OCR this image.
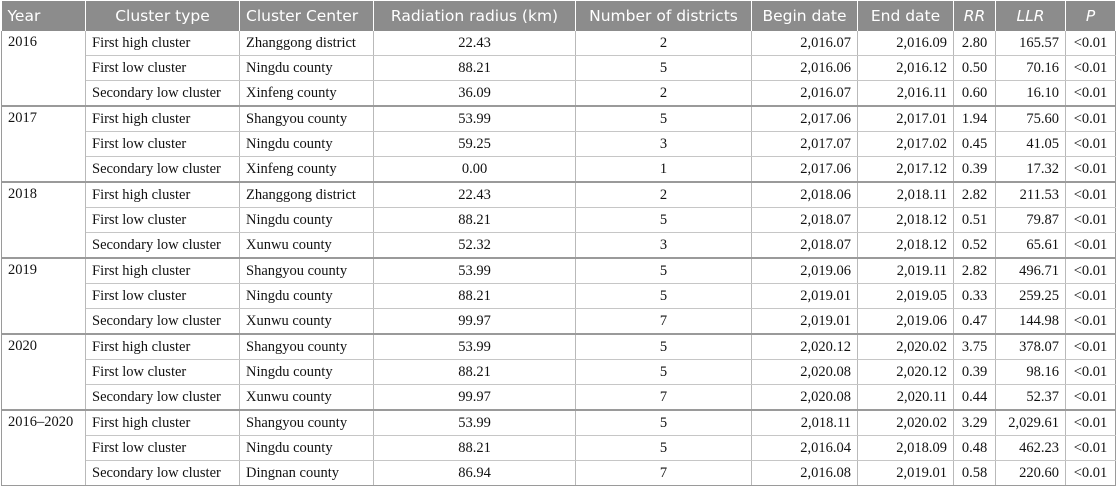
Year	Cluster type	Cluster Center	Radiation radius (km)	Number of districts	Begin date	End date	RR	LLR	P
2016	First high cluster	Zhanggong district	22.43	2	2,016.07	2,016.09	2.80	165.57	<0.01
	First low cluster	Ningdu county	88.21	5	2,016.06	2,016.12	0.50	70.16	<0.01
	Secondary low cluster	Xinfeng county	36.09	2	2,016.07	2,016.11	0.60	16.10	<0.01
2017	First high cluster	Shangyou county	53.99	5	2,017.06	2,017.01	1.94	75.60	<0.01
	First low cluster	Ningdu county	59.25	3	2,017.07	2,017.02	0.45	41.05	<0.01
	Secondary low cluster	Xinfeng county	0.00	1	2,017.06	2,017.12	0.39	17.32	<0.01
2018	First high cluster	Zhanggong district	22.43	2	2,018.06	2,018.11	2.82	211.53	<0.01
	First low cluster	Ningdu county	88.21	5	2,018.07	2,018.12	0.51	79.87	<0.01
	Secondary low cluster	Xunwu county	52.32	3	2,018.07	2,018.12	0.52	65.61	<0.01
2019	First high cluster	Shangyou county	53.99	5	2,019.06	2,019.11	2.82	496.71	<0.01
	First low cluster	Ningdu county	88.21	5	2,019.01	2,019.05	0.33	259.25	<0.01
	Secondary low cluster	Xunwu county	99.97	7	2,019.01	2,019.06	0.47	144.98	<0.01
2020	First high cluster	Shangyou county	53.99	5	2,020.12	2,020.02	3.75	378.07	<0.01
	First low cluster	Ningdu county	88.21	5	2,020.08	2,020.12	0.39	98.16	<0.01
	Secondary low cluster	Xunwu county	99.97	7	2,020.08	2,020.11	0.44	52.37	<0.01
2016–2020	First high cluster	Shangyou county	53.99	5	2,018.11	2,020.02	3.29	2,029.61	<0.01
	First low cluster	Ningdu county	88.21	5	2,016.04	2,018.09	0.48	462.23	<0.01
	Secondary low cluster	Dingnan county	86.94	7	2,016.08	2,019.01	0.58	220.60	<0.01
